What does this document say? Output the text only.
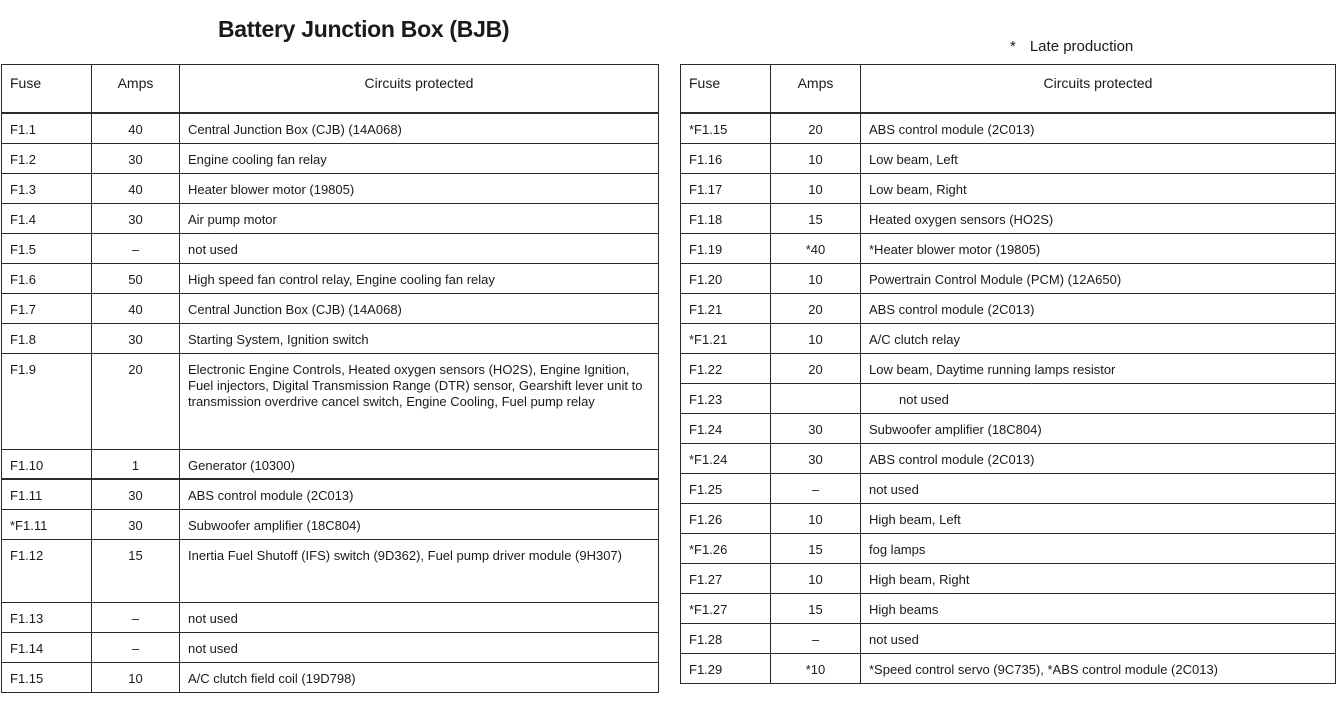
Battery Junction Box (BJB)
* Late production
Fuse	Amps	Circuits protected
F1.1	40	Central Junction Box (CJB) (14A068)
F1.2	30	Engine cooling fan relay
F1.3	40	Heater blower motor (19805)
F1.4	30	Air pump motor
F1.5	–	not used
F1.6	50	High speed fan control relay, Engine cooling fan relay
F1.7	40	Central Junction Box (CJB) (14A068)
F1.8	30	Starting System, Ignition switch
F1.9	20	Electronic Engine Controls, Heated oxygen sensors (HO2S), Engine Ignition, Fuel injectors, Digital Transmission Range (DTR) sensor, Gearshift lever unit to transmission overdrive cancel switch, Engine Cooling, Fuel pump relay
F1.10	1	Generator (10300)
F1.11	30	ABS control module (2C013)
*F1.11	30	Subwoofer amplifier (18C804)
F1.12	15	Inertia Fuel Shutoff (IFS) switch (9D362), Fuel pump driver module (9H307)
F1.13	–	not used
F1.14	–	not used
F1.15	10	A/C clutch field coil (19D798)
Fuse	Amps	Circuits protected
*F1.15	20	ABS control module (2C013)
F1.16	10	Low beam, Left
F1.17	10	Low beam, Right
F1.18	15	Heated oxygen sensors (HO2S)
F1.19	*40	*Heater blower motor (19805)
F1.20	10	Powertrain Control Module (PCM) (12A650)
F1.21	20	ABS control module (2C013)
*F1.21	10	A/C clutch relay
F1.22	20	Low beam, Daytime running lamps resistor
F1.23		not used
F1.24	30	Subwoofer amplifier (18C804)
*F1.24	30	ABS control module (2C013)
F1.25	–	not used
F1.26	10	High beam, Left
*F1.26	15	fog lamps
F1.27	10	High beam, Right
*F1.27	15	High beams
F1.28	–	not used
F1.29	*10	*Speed control servo (9C735), *ABS control module (2C013)
